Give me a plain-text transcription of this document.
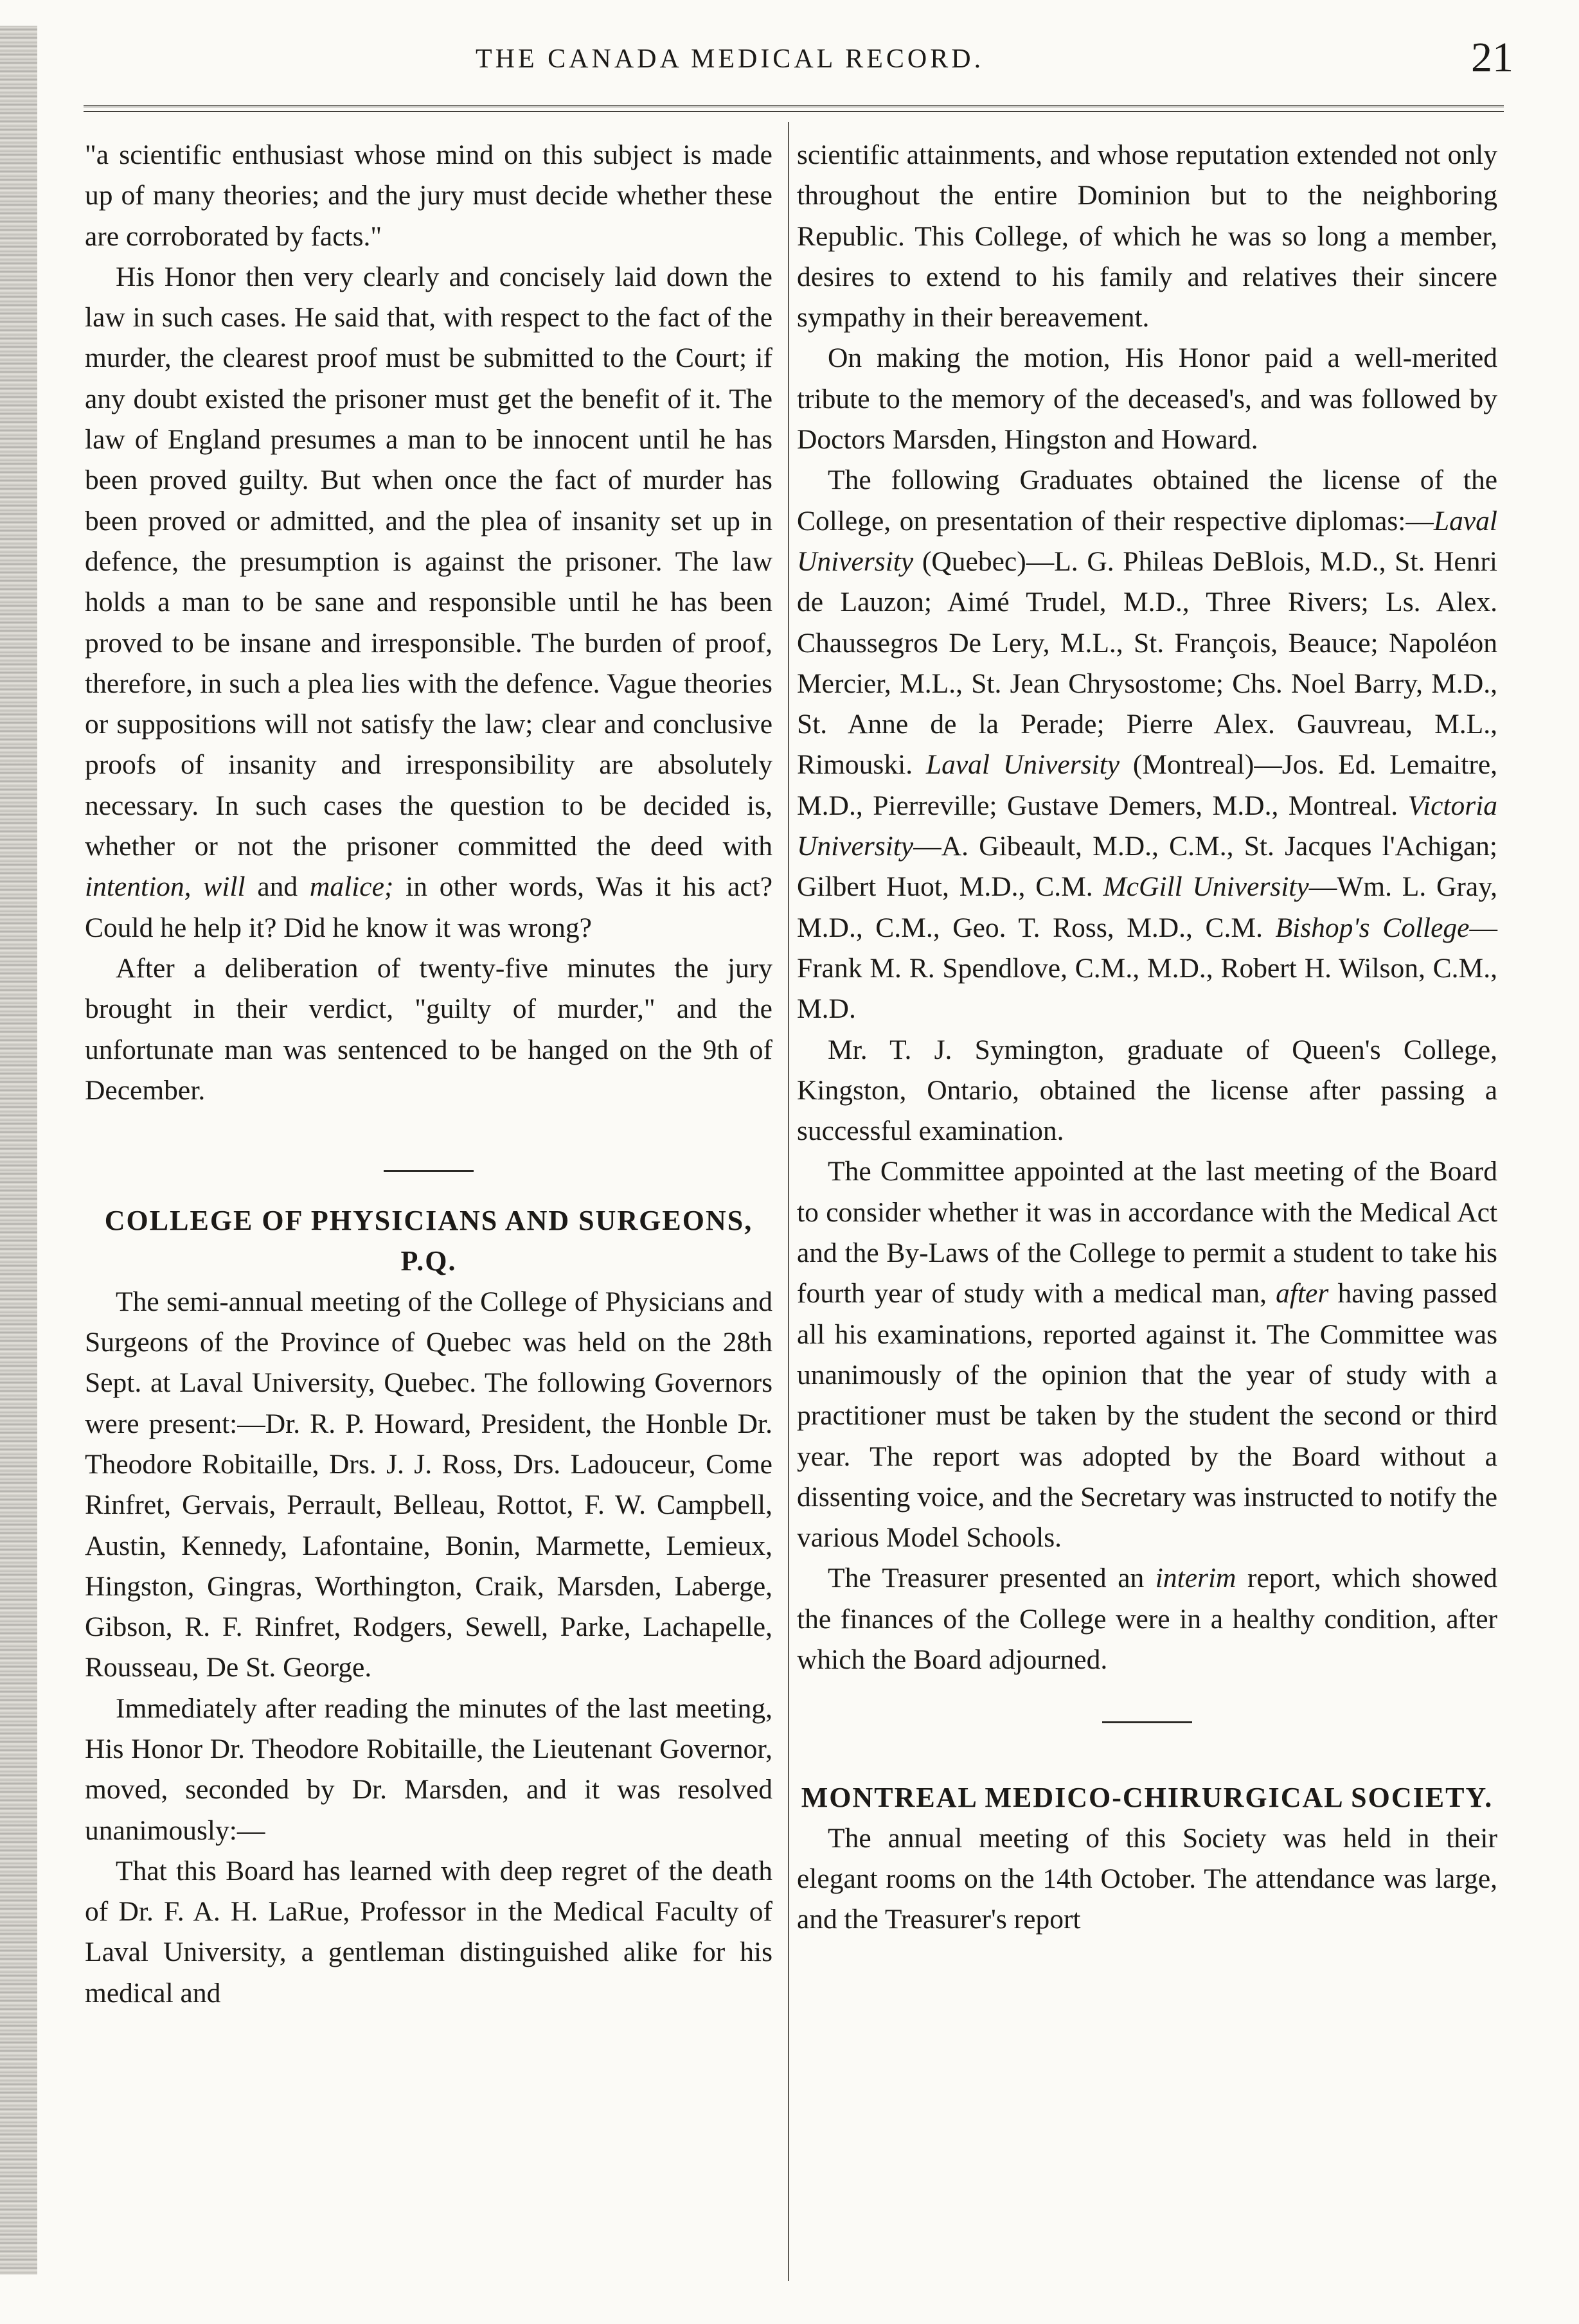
THE CANADA MEDICAL RECORD.	21

"a scientific enthusiast whose mind on this subject is made up of many theories; and the jury must decide whether these are corroborated by facts."

His Honor then very clearly and concisely laid down the law in such cases. He said that, with respect to the fact of the murder, the clearest proof must be submitted to the Court; if any doubt existed the prisoner must get the benefit of it. The law of England presumes a man to be innocent until he has been proved guilty. But when once the fact of murder has been proved or admitted, and the plea of insanity set up in defence, the presumption is against the prisoner. The law holds a man to be sane and responsible until he has been proved to be insane and irresponsible. The burden of proof, therefore, in such a plea lies with the defence. Vague theories or suppositions will not satisfy the law; clear and conclusive proofs of insanity and irresponsibility are absolutely necessary. In such cases the question to be decided is, whether or not the prisoner committed the deed with intention, will and malice; in other words, Was it his act? Could he help it? Did he know it was wrong?

After a deliberation of twenty-five minutes the jury brought in their verdict, "guilty of murder," and the unfortunate man was sentenced to be hanged on the 9th of December.

COLLEGE OF PHYSICIANS AND SURGEONS, P.Q.

The semi-annual meeting of the College of Physicians and Surgeons of the Province of Quebec was held on the 28th Sept. at Laval University, Quebec. The following Governors were present:—Dr. R. P. Howard, President, the Honble Dr. Theodore Robitaille, Drs. J. J. Ross, Drs. Ladouceur, Come Rinfret, Gervais, Perrault, Belleau, Rottot, F. W. Campbell, Austin, Kennedy, Lafontaine, Bonin, Marmette, Lemieux, Hingston, Gingras, Worthington, Craik, Marsden, Laberge, Gibson, R. F. Rinfret, Rodgers, Sewell, Parke, Lachapelle, Rousseau, De St. George.

Immediately after reading the minutes of the last meeting, His Honor Dr. Theodore Robitaille, the Lieutenant Governor, moved, seconded by Dr. Marsden, and it was resolved unanimously:—

That this Board has learned with deep regret of the death of Dr. F. A. H. LaRue, Professor in the Medical Faculty of Laval University, a gentleman distinguished alike for his medical and

scientific attainments, and whose reputation extended not only throughout the entire Dominion but to the neighboring Republic. This College, of which he was so long a member, desires to extend to his family and relatives their sincere sympathy in their bereavement.

On making the motion, His Honor paid a well-merited tribute to the memory of the deceased's, and was followed by Doctors Marsden, Hingston and Howard.

The following Graduates obtained the license of the College, on presentation of their respective diplomas:—Laval University (Quebec)—L. G. Phileas DeBlois, M.D., St. Henri de Lauzon; Aimé Trudel, M.D., Three Rivers; Ls. Alex. Chaussegros De Lery, M.L., St. François, Beauce; Napoléon Mercier, M.L., St. Jean Chrysostome; Chs. Noel Barry, M.D., St. Anne de la Perade; Pierre Alex. Gauvreau, M.L., Rimouski. Laval University (Montreal)—Jos. Ed. Lemaitre, M.D., Pierreville; Gustave Demers, M.D., Montreal. Victoria University—A. Gibeault, M.D., C.M., St. Jacques l'Achigan; Gilbert Huot, M.D., C.M. McGill University—Wm. L. Gray, M.D., C.M., Geo. T. Ross, M.D., C.M. Bishop's College—Frank M. R. Spendlove, C.M., M.D., Robert H. Wilson, C.M., M.D.

Mr. T. J. Symington, graduate of Queen's College, Kingston, Ontario, obtained the license after passing a successful examination.

The Committee appointed at the last meeting of the Board to consider whether it was in accordance with the Medical Act and the By-Laws of the College to permit a student to take his fourth year of study with a medical man, after having passed all his examinations, reported against it. The Committee was unanimously of the opinion that the year of study with a practitioner must be taken by the student the second or third year. The report was adopted by the Board without a dissenting voice, and the Secretary was instructed to notify the various Model Schools.

The Treasurer presented an interim report, which showed the finances of the College were in a healthy condition, after which the Board adjourned.

MONTREAL MEDICO-CHIRURGICAL SOCIETY.

The annual meeting of this Society was held in their elegant rooms on the 14th October. The attendance was large, and the Treasurer's report
